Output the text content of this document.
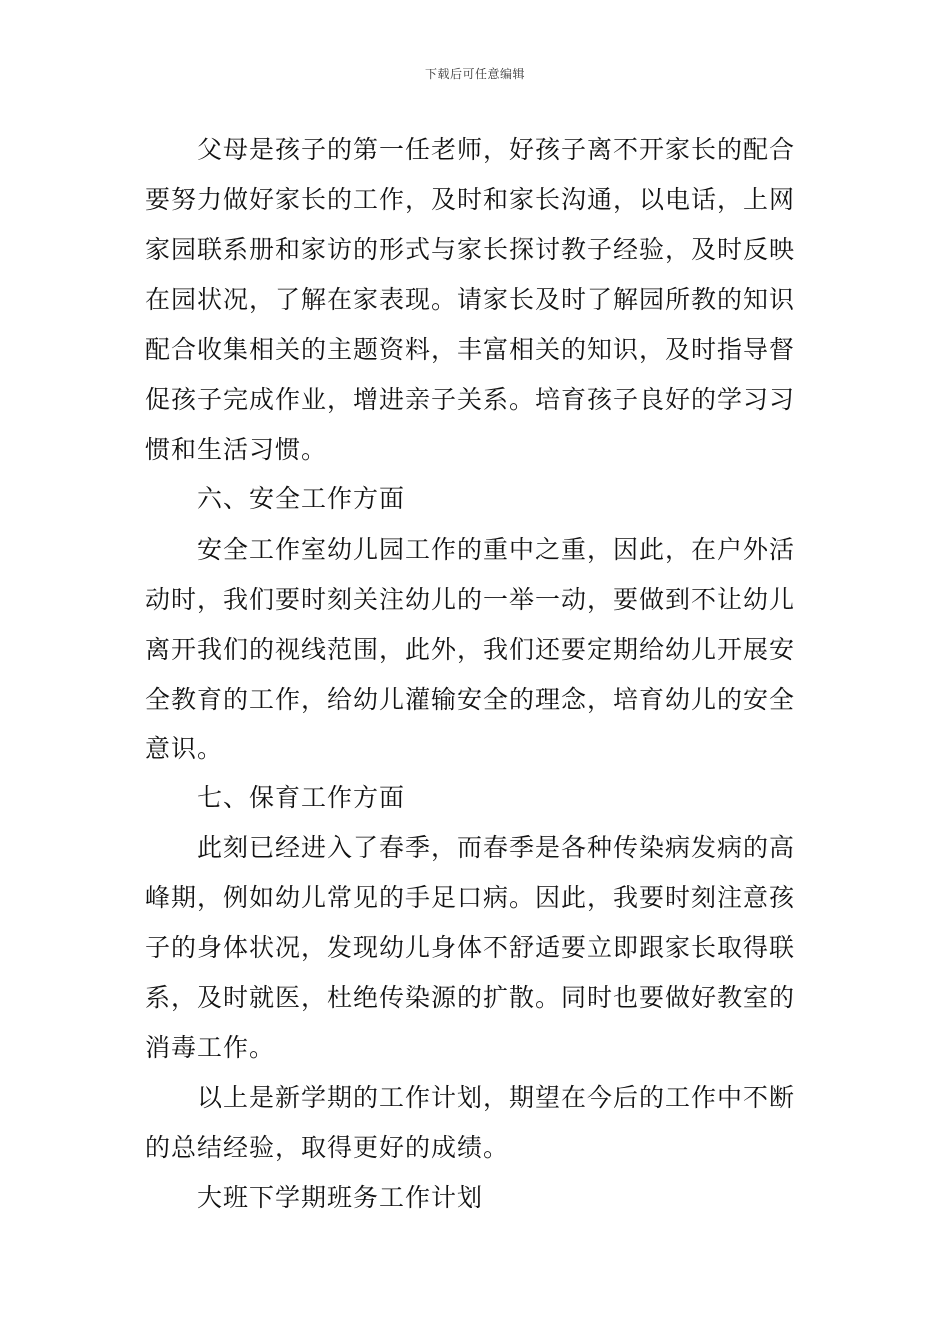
下载后可任意编辑
父母是孩子的第一任老师，好孩子离不开家长的配合
要努力做好家长的工作，及时和家长沟通，以电话，上网
家园联系册和家访的形式与家长探讨教子经验，及时反映
在园状况，了解在家表现。请家长及时了解园所教的知识
配合收集相关的主题资料，丰富相关的知识，及时指导督
促孩子完成作业，增进亲子关系。培育孩子良好的学习习
惯和生活习惯。
六、安全工作方面
安全工作室幼儿园工作的重中之重，因此，在户外活
动时，我们要时刻关注幼儿的一举一动，要做到不让幼儿
离开我们的视线范围，此外，我们还要定期给幼儿开展安
全教育的工作，给幼儿灌输安全的理念，培育幼儿的安全
意识。
七、保育工作方面
此刻已经进入了春季，而春季是各种传染病发病的高
峰期，例如幼儿常见的手足口病。因此，我要时刻注意孩
子的身体状况，发现幼儿身体不舒适要立即跟家长取得联
系，及时就医，杜绝传染源的扩散。同时也要做好教室的
消毒工作。
以上是新学期的工作计划，期望在今后的工作中不断
的总结经验，取得更好的成绩。
大班下学期班务工作计划
